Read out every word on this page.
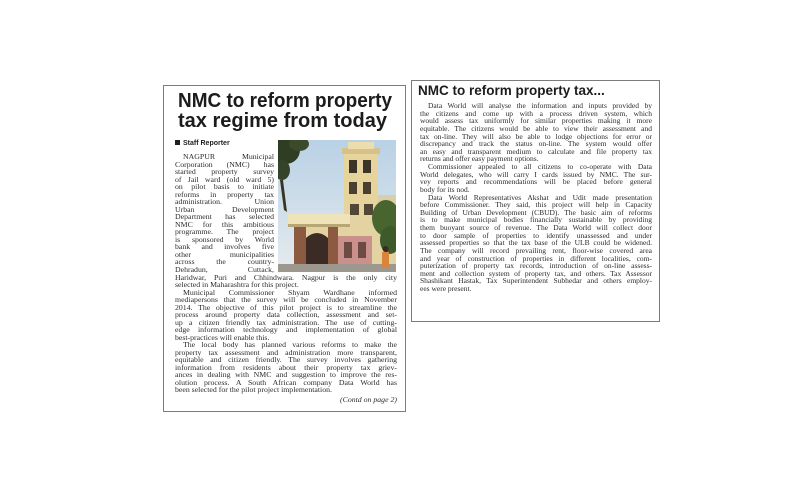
NMC to reform property
tax regime from today
Staff Reporter
NAGPUR Municipal
Corporation (NMC) has
started property survey
of Jail ward (old ward 5)
on pilot basis to initiate
reforms in property tax
administration. Union
Urban Development
Department has selected
NMC for this ambitious
programme. The project
is sponsored by World
bank and involves five
other municipalities
across the country-
Dehradun, Cuttack,
Haridwar, Puri and Chhindwara. Nagpur is the only city
selected in Maharashtra for this project.
Municipal Commissioner Shyam Wardhane informed
mediapersons that the survey will be concluded in November
2014. The objective of this pilot project is to streamline the
process around property data collection, assessment and set-
up a citizen friendly tax administration. The use of cutting-
edge information technology and implementation of global
best-practices will enable this.
The local body has planned various reforms to make the
property tax assessment and administration more transparent,
equitable and citizen friendly. The survey involves gathering
information from residents about their property tax griev-
ances in dealing with NMC and suggestion to improve the res-
olution process. A South African company Data World has
been selected for the pilot project implementation.
(Contd on page 2)
NMC to reform property tax...
Data World will analyse the information and inputs provided by
the citizens and come up with a process driven system, which
would assess tax uniformly for similar properties making it more
equitable. The citizens would be able to view their assessment and
tax on-line. They will also be able to lodge objections for error or
discrepancy and track the status on-line. The system would offer
an easy and transparent medium to calculate and file property tax
returns and offer easy payment options.
Commissioner appealed to all citizens to co-operate with Data
World delegates, who will carry I cards issued by NMC. The sur-
vey reports and recommendations will be placed before general
body for its nod.
Data World Representatives Akshat and Udit made presentation
before Commissioner. They said, this project will help in Capacity
Building of Urban Development (CBUD). The basic aim of reforms
is to make municipal bodies financially sustainable by providing
them buoyant source of revenue. The Data World will collect door
to door sample of properties to identify unassessed and under
assessed properties so that the tax base of the ULB could be widened.
The company will record prevailing rent, floor-wise covered area
and year of construction of properties in different localities, com-
puterization of property tax records, introduction of on-line assess-
ment and collection system of property tax, and others. Tax Assessor
Shashikant Hastak, Tax Superintendent Subhedar and others employ-
ees were present.
